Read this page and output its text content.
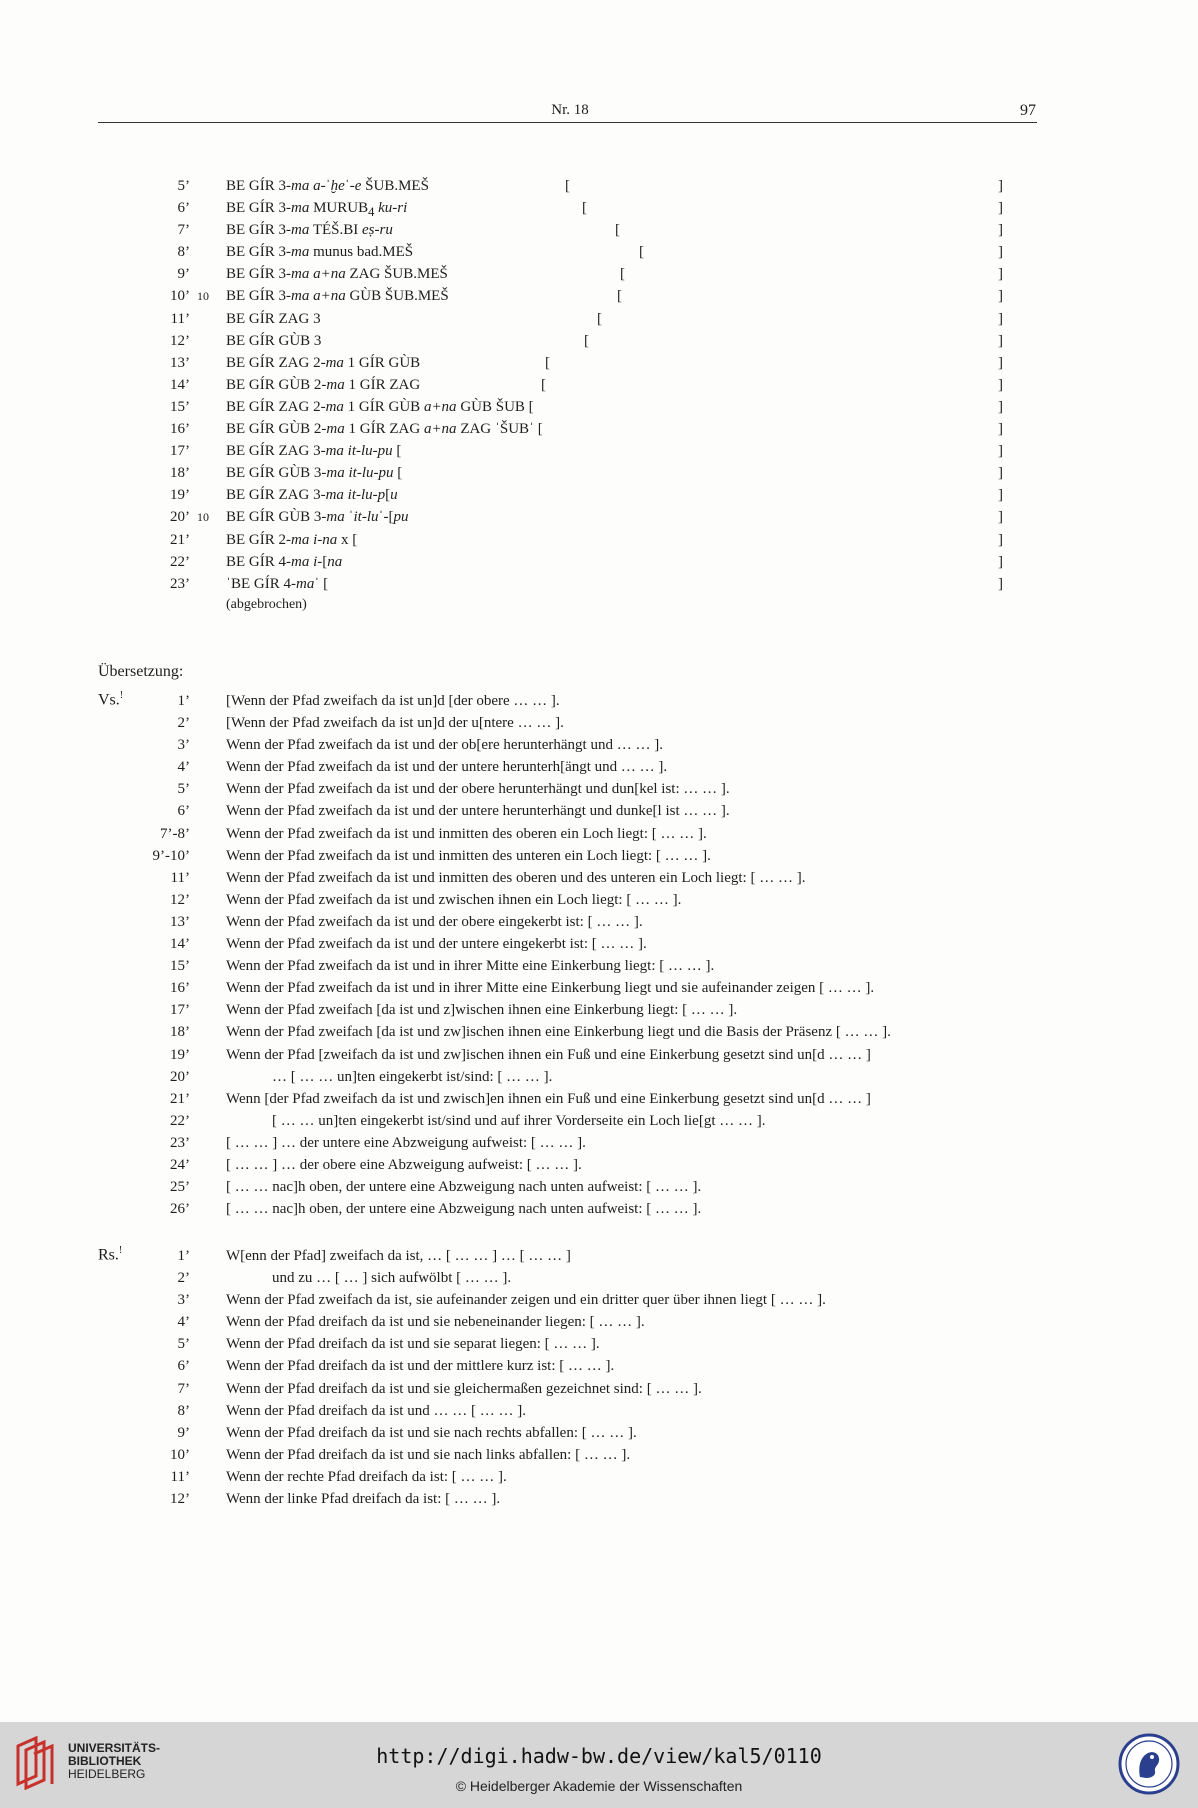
Nr. 18	97
5’ BE GÍR 3-ma a-ˈḫeˈ-e ŠUB.MEŠ	[	]
6’ BE GÍR 3-ma $MURUB_4$ ku-ri	[	]
7’ BE GÍR 3-ma TÉŠ.BI eṣ-ru	[	]
8’ BE GÍR 3-ma munus bad.MEŠ	[	]
9’ BE GÍR 3-ma a+na ZAG ŠUB.MEŠ	[	]
10’ 10 BE GÍR 3-ma a+na GÙB ŠUB.MEŠ	[	]
11’ BE GÍR ZAG 3	[	]
12’ BE GÍR GÙB 3	[	]
13’ BE GÍR ZAG 2-ma 1 GÍR GÙB	[	]
14’ BE GÍR GÙB 2-ma 1 GÍR ZAG	[	]
15’ BE GÍR ZAG 2-ma 1 GÍR GÙB a+na GÙB ŠUB [	]
16’ BE GÍR GÙB 2-ma 1 GÍR ZAG a+na ZAG ˈŠUBˈ [	]
17’ BE GÍR ZAG 3-ma it-lu-pu [	]
18’ BE GÍR GÙB 3-ma it-lu-pu [	]
19’ BE GÍR ZAG 3-ma it-lu-p[u	]
20’ 10 BE GÍR GÙB 3-ma ˈit-luˈ-[pu	]
21’ BE GÍR 2-ma i-na x [	]
22’ BE GÍR 4-ma i-[na	]
23’ ˈBE GÍR 4-maˈ [	]
(abgebrochen)
Übersetzung:
Vs.!	1’ [Wenn der Pfad zweifach da ist un]d [der obere … … ].
2’ [Wenn der Pfad zweifach da ist un]d der u[ntere … … ].
3’ Wenn der Pfad zweifach da ist und der ob[ere herunterhängt und … … ].
4’ Wenn der Pfad zweifach da ist und der untere herunterh[ängt und … … ].
5’ Wenn der Pfad zweifach da ist und der obere herunterhängt und dun[kel ist: … … ].
6’ Wenn der Pfad zweifach da ist und der untere herunterhängt und dunke[l ist … … ].
7’-8’ Wenn der Pfad zweifach da ist und inmitten des oberen ein Loch liegt: [ … … ].
9’-10’ Wenn der Pfad zweifach da ist und inmitten des unteren ein Loch liegt: [ … … ].
11’ Wenn der Pfad zweifach da ist und inmitten des oberen und des unteren ein Loch liegt: [ … … ].
12’ Wenn der Pfad zweifach da ist und zwischen ihnen ein Loch liegt: [ … … ].
13’ Wenn der Pfad zweifach da ist und der obere eingekerbt ist: [ … … ].
14’ Wenn der Pfad zweifach da ist und der untere eingekerbt ist: [ … … ].
15’ Wenn der Pfad zweifach da ist und in ihrer Mitte eine Einkerbung liegt: [ … … ].
16’ Wenn der Pfad zweifach da ist und in ihrer Mitte eine Einkerbung liegt und sie aufeinander zeigen [ … … ].
17’ Wenn der Pfad zweifach [da ist und z]wischen ihnen eine Einkerbung liegt: [ … … ].
18’ Wenn der Pfad zweifach [da ist und zw]ischen ihnen eine Einkerbung liegt und die Basis der Präsenz [ … … ].
19’ Wenn der Pfad [zweifach da ist und zw]ischen ihnen ein Fuß und eine Einkerbung gesetzt sind un[d … … ]
20’	… [ … … un]ten eingekerbt ist/sind: [ … … ].
21’ Wenn [der Pfad zweifach da ist und zwisch]en ihnen ein Fuß und eine Einkerbung gesetzt sind un[d … … ]
22’	[ … … un]ten eingekerbt ist/sind und auf ihrer Vorderseite ein Loch lie[gt … … ].
23’ [ … … ] … der untere eine Abzweigung aufweist: [ … … ].
24’ [ … … ] … der obere eine Abzweigung aufweist: [ … … ].
25’ [ … … nac]h oben, der untere eine Abzweigung nach unten aufweist: [ … … ].
26’ [ … … nac]h oben, der untere eine Abzweigung nach unten aufweist: [ … … ].
Rs.!	1’ W[enn der Pfad] zweifach da ist, … [ … … ] … [ … … ]
2’	und zu … [ … ] sich aufwölbt [ … … ].
3’ Wenn der Pfad zweifach da ist, sie aufeinander zeigen und ein dritter quer über ihnen liegt [ … … ].
4’ Wenn der Pfad dreifach da ist und sie nebeneinander liegen: [ … … ].
5’ Wenn der Pfad dreifach da ist und sie separat liegen: [ … … ].
6’ Wenn der Pfad dreifach da ist und der mittlere kurz ist: [ … … ].
7’ Wenn der Pfad dreifach da ist und sie gleichermaßen gezeichnet sind: [ … … ].
8’ Wenn der Pfad dreifach da ist und … … [ … … ].
9’ Wenn der Pfad dreifach da ist und sie nach rechts abfallen: [ … … ].
10’ Wenn der Pfad dreifach da ist und sie nach links abfallen: [ … … ].
11’ Wenn der rechte Pfad dreifach da ist: [ … … ].
12’ Wenn der linke Pfad dreifach da ist: [ … … ].
UNIVERSITÄTS-
BIBLIOTHEK
HEIDELBERG
http://digi.hadw-bw.de/view/kal5/0110
© Heidelberger Akademie der Wissenschaften
